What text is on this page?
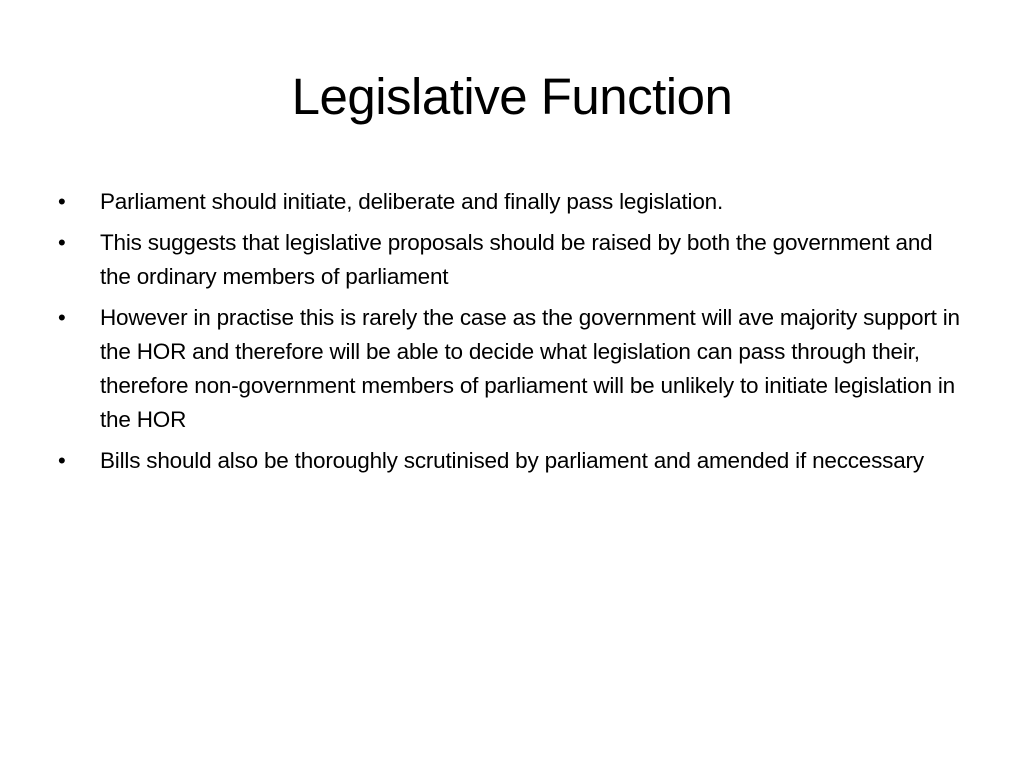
Legislative Function
•	Parliament should initiate, deliberate and finally pass legislation.
•	This suggests that legislative proposals should be raised by both the government and the ordinary members of parliament
•	However in practise this is rarely the case as the government will ave majority support in the HOR and therefore will be able to decide what legislation can pass through their, therefore non-government members of parliament will be unlikely to initiate legislation in the HOR
•	Bills should also be thoroughly scrutinised by parliament and amended if neccessary
